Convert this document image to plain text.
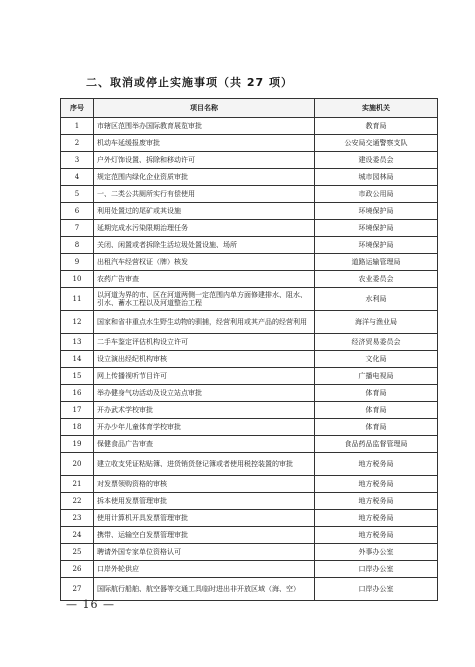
二、取消或停止实施事项（共 27 项）
序号	项目名称	实施机关
1	市辖区范围举办国际教育展览审批	教育局
2	机动车延缓报废审批	公安局交通警察支队
3	户外灯饰设置、拆除和移动许可	建设委员会
4	规定范围内绿化企业资质审批	城市园林局
5	一、二类公共厕所实行有偿使用	市政公用局
6	利用处置过的尾矿或其设施	环境保护局
7	延期完成水污染限期治理任务	环境保护局
8	关闭、闲置或者拆除生活垃圾处置设施、场所	环境保护局
9	出租汽车经营权证（牌）核发	道路运输管理局
10	农药广告审查	农业委员会
11	以河道为界的市、区在河道两侧一定范围内单方面修建排水、阻水、引水、蓄水工程以及河道整治工程	水利局
12	国家和省非重点水生野生动物的驯捕，经营利用或其产品的经营利用	海洋与渔业局
13	二手车鉴定评估机构设立许可	经济贸易委员会
14	设立演出经纪机构审核	文化局
15	网上传播视听节目许可	广播电视局
16	举办健身气功活动及设立站点审批	体育局
17	开办武术学校审批	体育局
18	开办少年儿童体育学校审批	体育局
19	保健食品广告审查	食品药品监督管理局
20	建立收支凭证粘贴簿、进货销货登记簿或者使用税控装置的审批	地方税务局
21	对发票领购资格的审核	地方税务局
22	拆本使用发票管理审批	地方税务局
23	使用计算机开具发票管理审批	地方税务局
24	携带、运输空白发票管理审批	地方税务局
25	聘请外国专家单位资格认可	外事办公室
26	口岸外轮供应	口岸办公室
27	国际航行船舶、航空器等交通工具临时进出非开放区域（海、空）	口岸办公室
— 16 —
